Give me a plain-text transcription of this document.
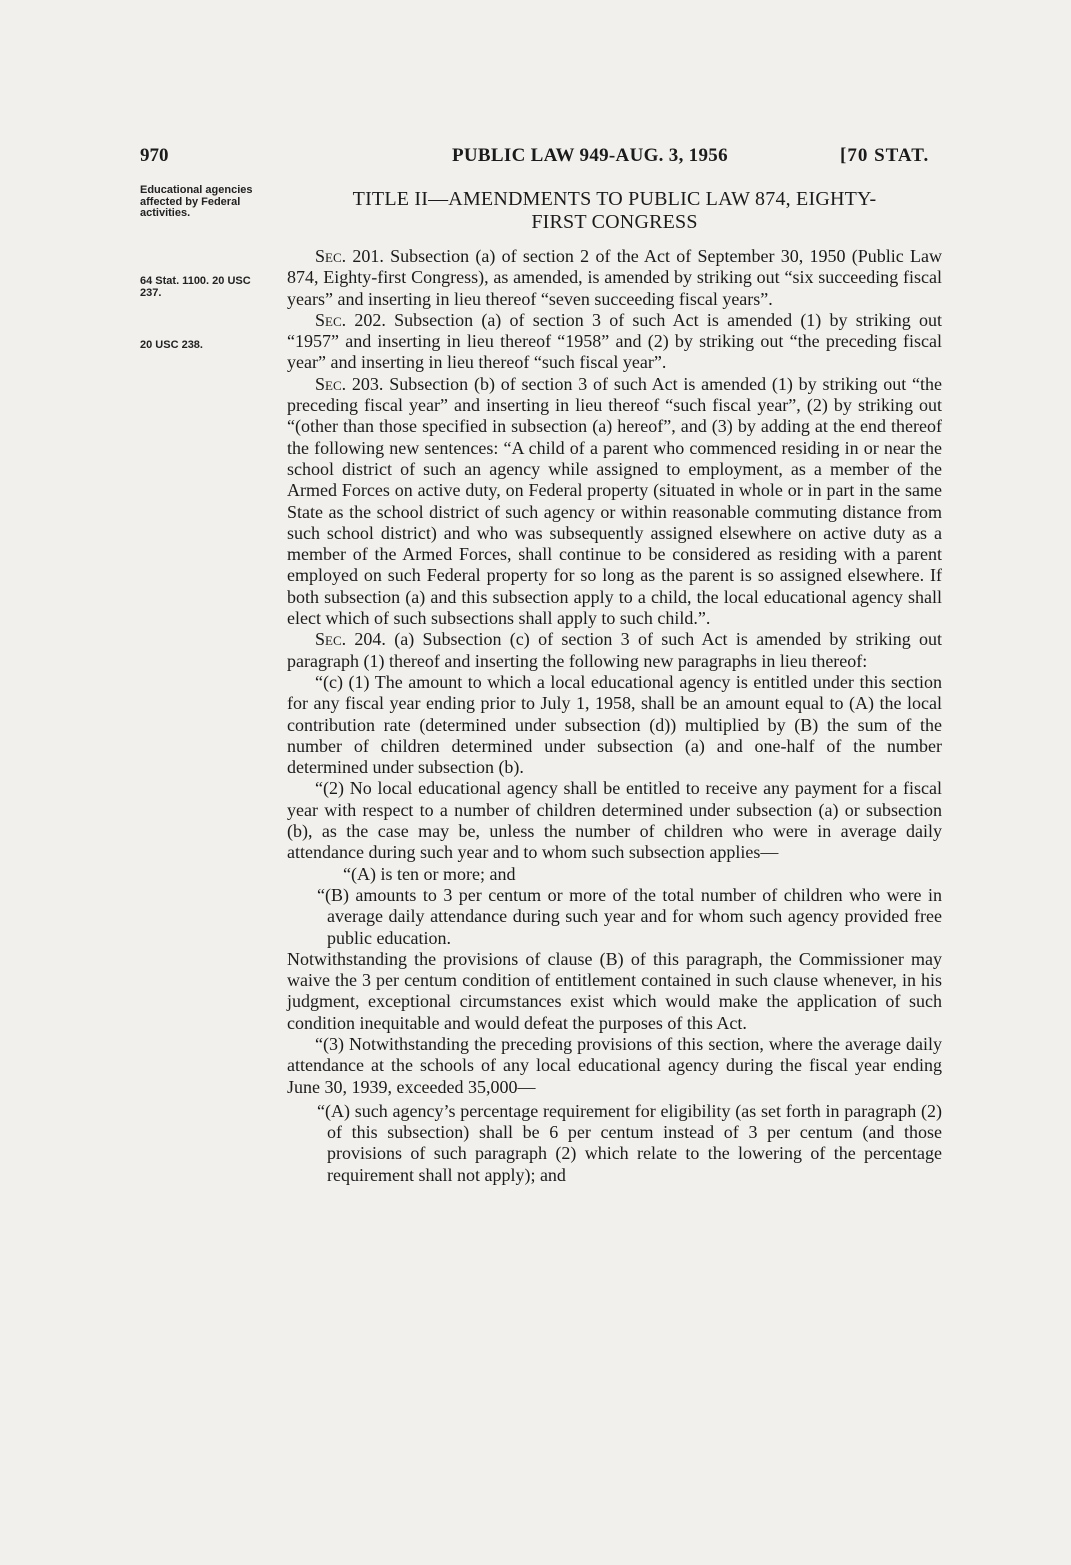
970	PUBLIC LAW 949-AUG. 3, 1956	[70 STAT.
Educational agencies affected by Federal activities.
64 Stat. 1100. 20 USC 237.
20 USC 238.
TITLE II—AMENDMENTS TO PUBLIC LAW 874, EIGHTY-
FIRST CONGRESS

Sec. 201. Subsection (a) of section 2 of the Act of September 30, 1950 (Public Law 874, Eighty-first Congress), as amended, is amended by striking out “six succeeding fiscal years” and inserting in lieu thereof “seven succeeding fiscal years”.

Sec. 202. Subsection (a) of section 3 of such Act is amended (1) by striking out “1957” and inserting in lieu thereof “1958” and (2) by striking out “the preceding fiscal year” and inserting in lieu thereof “such fiscal year”.

Sec. 203. Subsection (b) of section 3 of such Act is amended (1) by striking out “the preceding fiscal year” and inserting in lieu thereof “such fiscal year”, (2) by striking out “(other than those specified in subsection (a) hereof”, and (3) by adding at the end thereof the following new sentences: “A child of a parent who commenced residing in or near the school district of such an agency while assigned to employment, as a member of the Armed Forces on active duty, on Federal property (situated in whole or in part in the same State as the school district of such agency or within reasonable commuting distance from such school district) and who was subsequently assigned elsewhere on active duty as a member of the Armed Forces, shall continue to be considered as residing with a parent employed on such Federal property for so long as the parent is so assigned elsewhere. If both subsection (a) and this subsection apply to a child, the local educational agency shall elect which of such subsections shall apply to such child.”.

Sec. 204. (a) Subsection (c) of section 3 of such Act is amended by striking out paragraph (1) thereof and inserting the following new paragraphs in lieu thereof:

“(c) (1) The amount to which a local educational agency is entitled under this section for any fiscal year ending prior to July 1, 1958, shall be an amount equal to (A) the local contribution rate (determined under subsection (d)) multiplied by (B) the sum of the number of children determined under subsection (a) and one-half of the number determined under subsection (b).

“(2) No local educational agency shall be entitled to receive any payment for a fiscal year with respect to a number of children determined under subsection (a) or subsection (b), as the case may be, unless the number of children who were in average daily attendance during such year and to whom such subsection applies—

“(A) is ten or more; and

“(B) amounts to 3 per centum or more of the total number of children who were in average daily attendance during such year and for whom such agency provided free public education.

Notwithstanding the provisions of clause (B) of this paragraph, the Commissioner may waive the 3 per centum condition of entitlement contained in such clause whenever, in his judgment, exceptional circumstances exist which would make the application of such condition inequitable and would defeat the purposes of this Act.

“(3) Notwithstanding the preceding provisions of this section, where the average daily attendance at the schools of any local educational agency during the fiscal year ending June 30, 1939, exceeded 35,000—

“(A) such agency’s percentage requirement for eligibility (as set forth in paragraph (2) of this subsection) shall be 6 per centum instead of 3 per centum (and those provisions of such paragraph (2) which relate to the lowering of the percentage requirement shall not apply); and
